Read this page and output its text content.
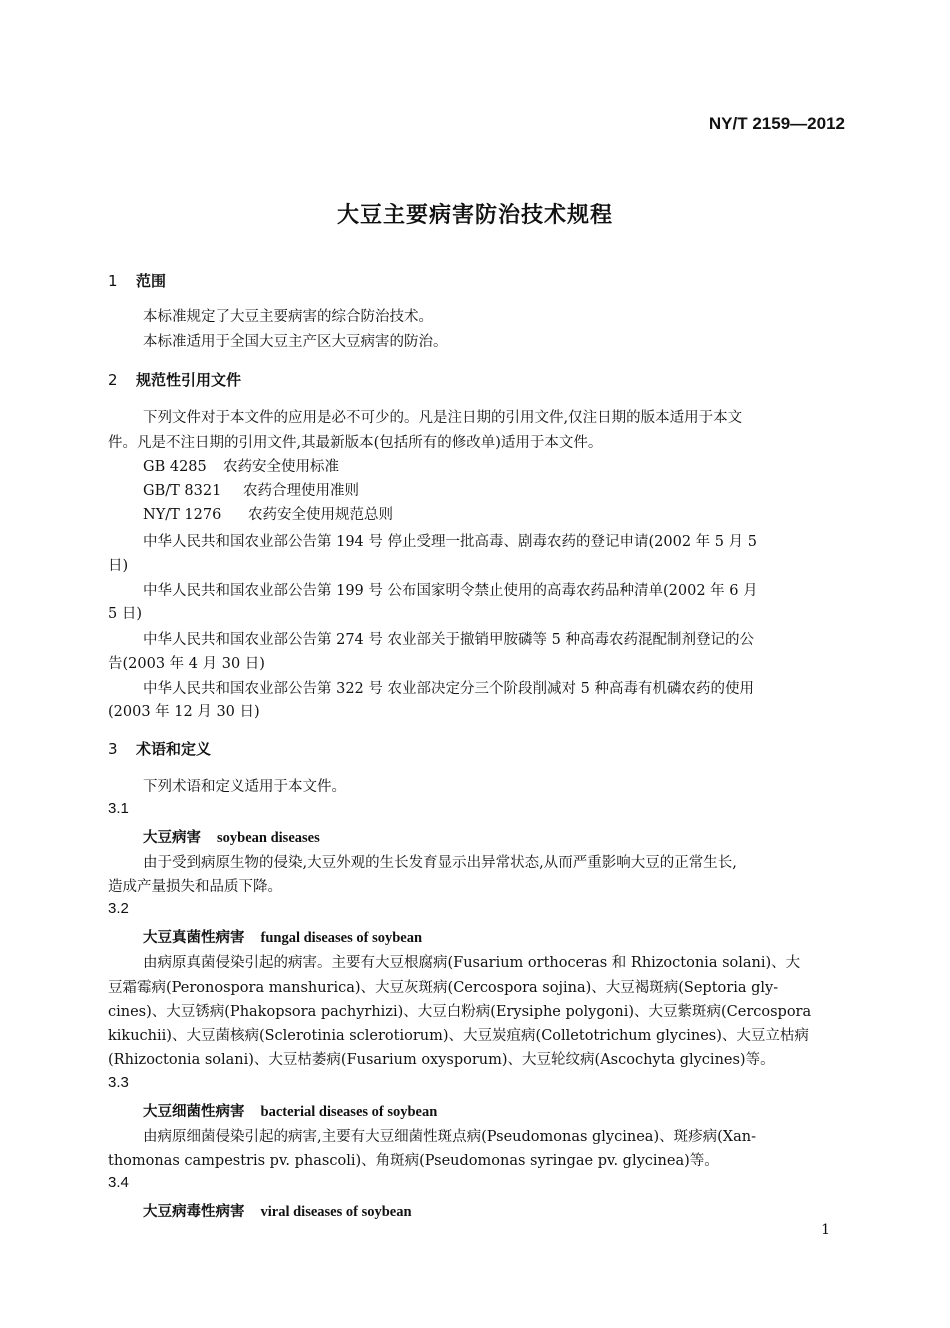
NY/T 2159—2012
大豆主要病害防治技术规程
1 范围
本标准规定了大豆主要病害的综合防治技术。
本标准适用于全国大豆主产区大豆病害的防治。
2 规范性引用文件
下列文件对于本文件的应用是必不可少的。凡是注日期的引用文件,仅注日期的版本适用于本文
件。凡是不注日期的引用文件,其最新版本(包括所有的修改单)适用于本文件。
GB 4285 农药安全使用标准
GB/T 8321 农药合理使用准则
NY/T 1276 农药安全使用规范总则
中华人民共和国农业部公告第 194 号 停止受理一批高毒、剧毒农药的登记申请(2002 年 5 月 5
日)
中华人民共和国农业部公告第 199 号 公布国家明令禁止使用的高毒农药品种清单(2002 年 6 月
5 日)
中华人民共和国农业部公告第 274 号 农业部关于撤销甲胺磷等 5 种高毒农药混配制剂登记的公
告(2003 年 4 月 30 日)
中华人民共和国农业部公告第 322 号 农业部决定分三个阶段削减对 5 种高毒有机磷农药的使用
(2003 年 12 月 30 日)
3 术语和定义
下列术语和定义适用于本文件。
3.1
大豆病害 soybean diseases
由于受到病原生物的侵染,大豆外观的生长发育显示出异常状态,从而严重影响大豆的正常生长,
造成产量损失和品质下降。
3.2
大豆真菌性病害 fungal diseases of soybean
由病原真菌侵染引起的病害。主要有大豆根腐病(Fusarium orthoceras 和 Rhizoctonia solani)、大
豆霜霉病(Peronospora manshurica)、大豆灰斑病(Cercospora sojina)、大豆褐斑病(Septoria gly-
cines)、大豆锈病(Phakopsora pachyrhizi)、大豆白粉病(Erysiphe polygoni)、大豆紫斑病(Cercospora
kikuchii)、大豆菌核病(Sclerotinia sclerotiorum)、大豆炭疽病(Colletotrichum glycines)、大豆立枯病
(Rhizoctonia solani)、大豆枯萎病(Fusarium oxysporum)、大豆轮纹病(Ascochyta glycines)等。
3.3
大豆细菌性病害 bacterial diseases of soybean
由病原细菌侵染引起的病害,主要有大豆细菌性斑点病(Pseudomonas glycinea)、斑疹病(Xan-
thomonas campestris pv. phascoli)、角斑病(Pseudomonas syringae pv. glycinea)等。
3.4
大豆病毒性病害 viral diseases of soybean
1
